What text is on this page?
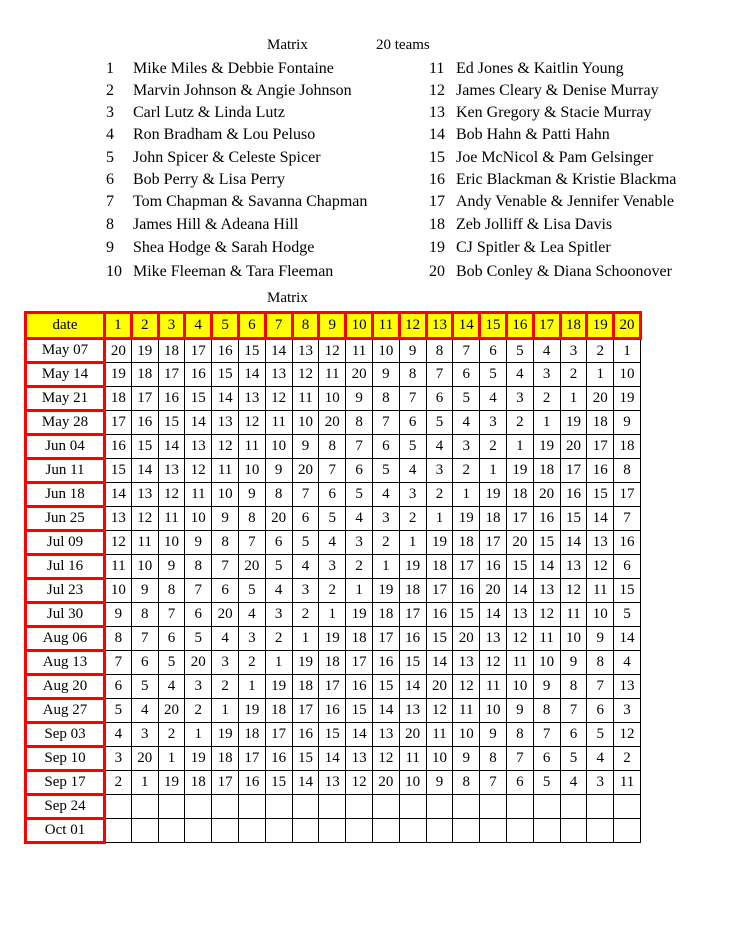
Matrix	20 teams
1 Mike Miles & Debbie Fontaine
2 Marvin Johnson & Angie Johnson
3 Carl Lutz & Linda Lutz
4 Ron Bradham & Lou Peluso
5 John Spicer & Celeste Spicer
6 Bob Perry & Lisa Perry
7 Tom Chapman & Savanna Chapman
8 James Hill & Adeana Hill
9 Shea Hodge & Sarah Hodge
10 Mike Fleeman & Tara Fleeman
11 Ed Jones & Kaitlin Young
12 James Cleary & Denise Murray
13 Ken Gregory & Stacie Murray
14 Bob Hahn & Patti Hahn
15 Joe McNicol & Pam Gelsinger
16 Eric Blackman & Kristie Blackma
17 Andy Venable & Jennifer Venable
18 Zeb Jolliff & Lisa Davis
19 CJ Spitler & Lea Spitler
20 Bob Conley & Diana Schoonover
Matrix
date	1	2	3	4	5	6	7	8	9	10	11	12	13	14	15	16	17	18	19	20
May 07	20	19	18	17	16	15	14	13	12	11	10	9	8	7	6	5	4	3	2	1
May 14	19	18	17	16	15	14	13	12	11	20	9	8	7	6	5	4	3	2	1	10
May 21	18	17	16	15	14	13	12	11	10	9	8	7	6	5	4	3	2	1	20	19
May 28	17	16	15	14	13	12	11	10	20	8	7	6	5	4	3	2	1	19	18	9
Jun 04	16	15	14	13	12	11	10	9	8	7	6	5	4	3	2	1	19	20	17	18
Jun 11	15	14	13	12	11	10	9	20	7	6	5	4	3	2	1	19	18	17	16	8
Jun 18	14	13	12	11	10	9	8	7	6	5	4	3	2	1	19	18	20	16	15	17
Jun 25	13	12	11	10	9	8	20	6	5	4	3	2	1	19	18	17	16	15	14	7
Jul 09	12	11	10	9	8	7	6	5	4	3	2	1	19	18	17	20	15	14	13	16
Jul 16	11	10	9	8	7	20	5	4	3	2	1	19	18	17	16	15	14	13	12	6
Jul 23	10	9	8	7	6	5	4	3	2	1	19	18	17	16	20	14	13	12	11	15
Jul 30	9	8	7	6	20	4	3	2	1	19	18	17	16	15	14	13	12	11	10	5
Aug 06	8	7	6	5	4	3	2	1	19	18	17	16	15	20	13	12	11	10	9	14
Aug 13	7	6	5	20	3	2	1	19	18	17	16	15	14	13	12	11	10	9	8	4
Aug 20	6	5	4	3	2	1	19	18	17	16	15	14	20	12	11	10	9	8	7	13
Aug 27	5	4	20	2	1	19	18	17	16	15	14	13	12	11	10	9	8	7	6	3
Sep 03	4	3	2	1	19	18	17	16	15	14	13	20	11	10	9	8	7	6	5	12
Sep 10	3	20	1	19	18	17	16	15	14	13	12	11	10	9	8	7	6	5	4	2
Sep 17	2	1	19	18	17	16	15	14	13	12	20	10	9	8	7	6	5	4	3	11
Sep 24																				
Oct 01																				
